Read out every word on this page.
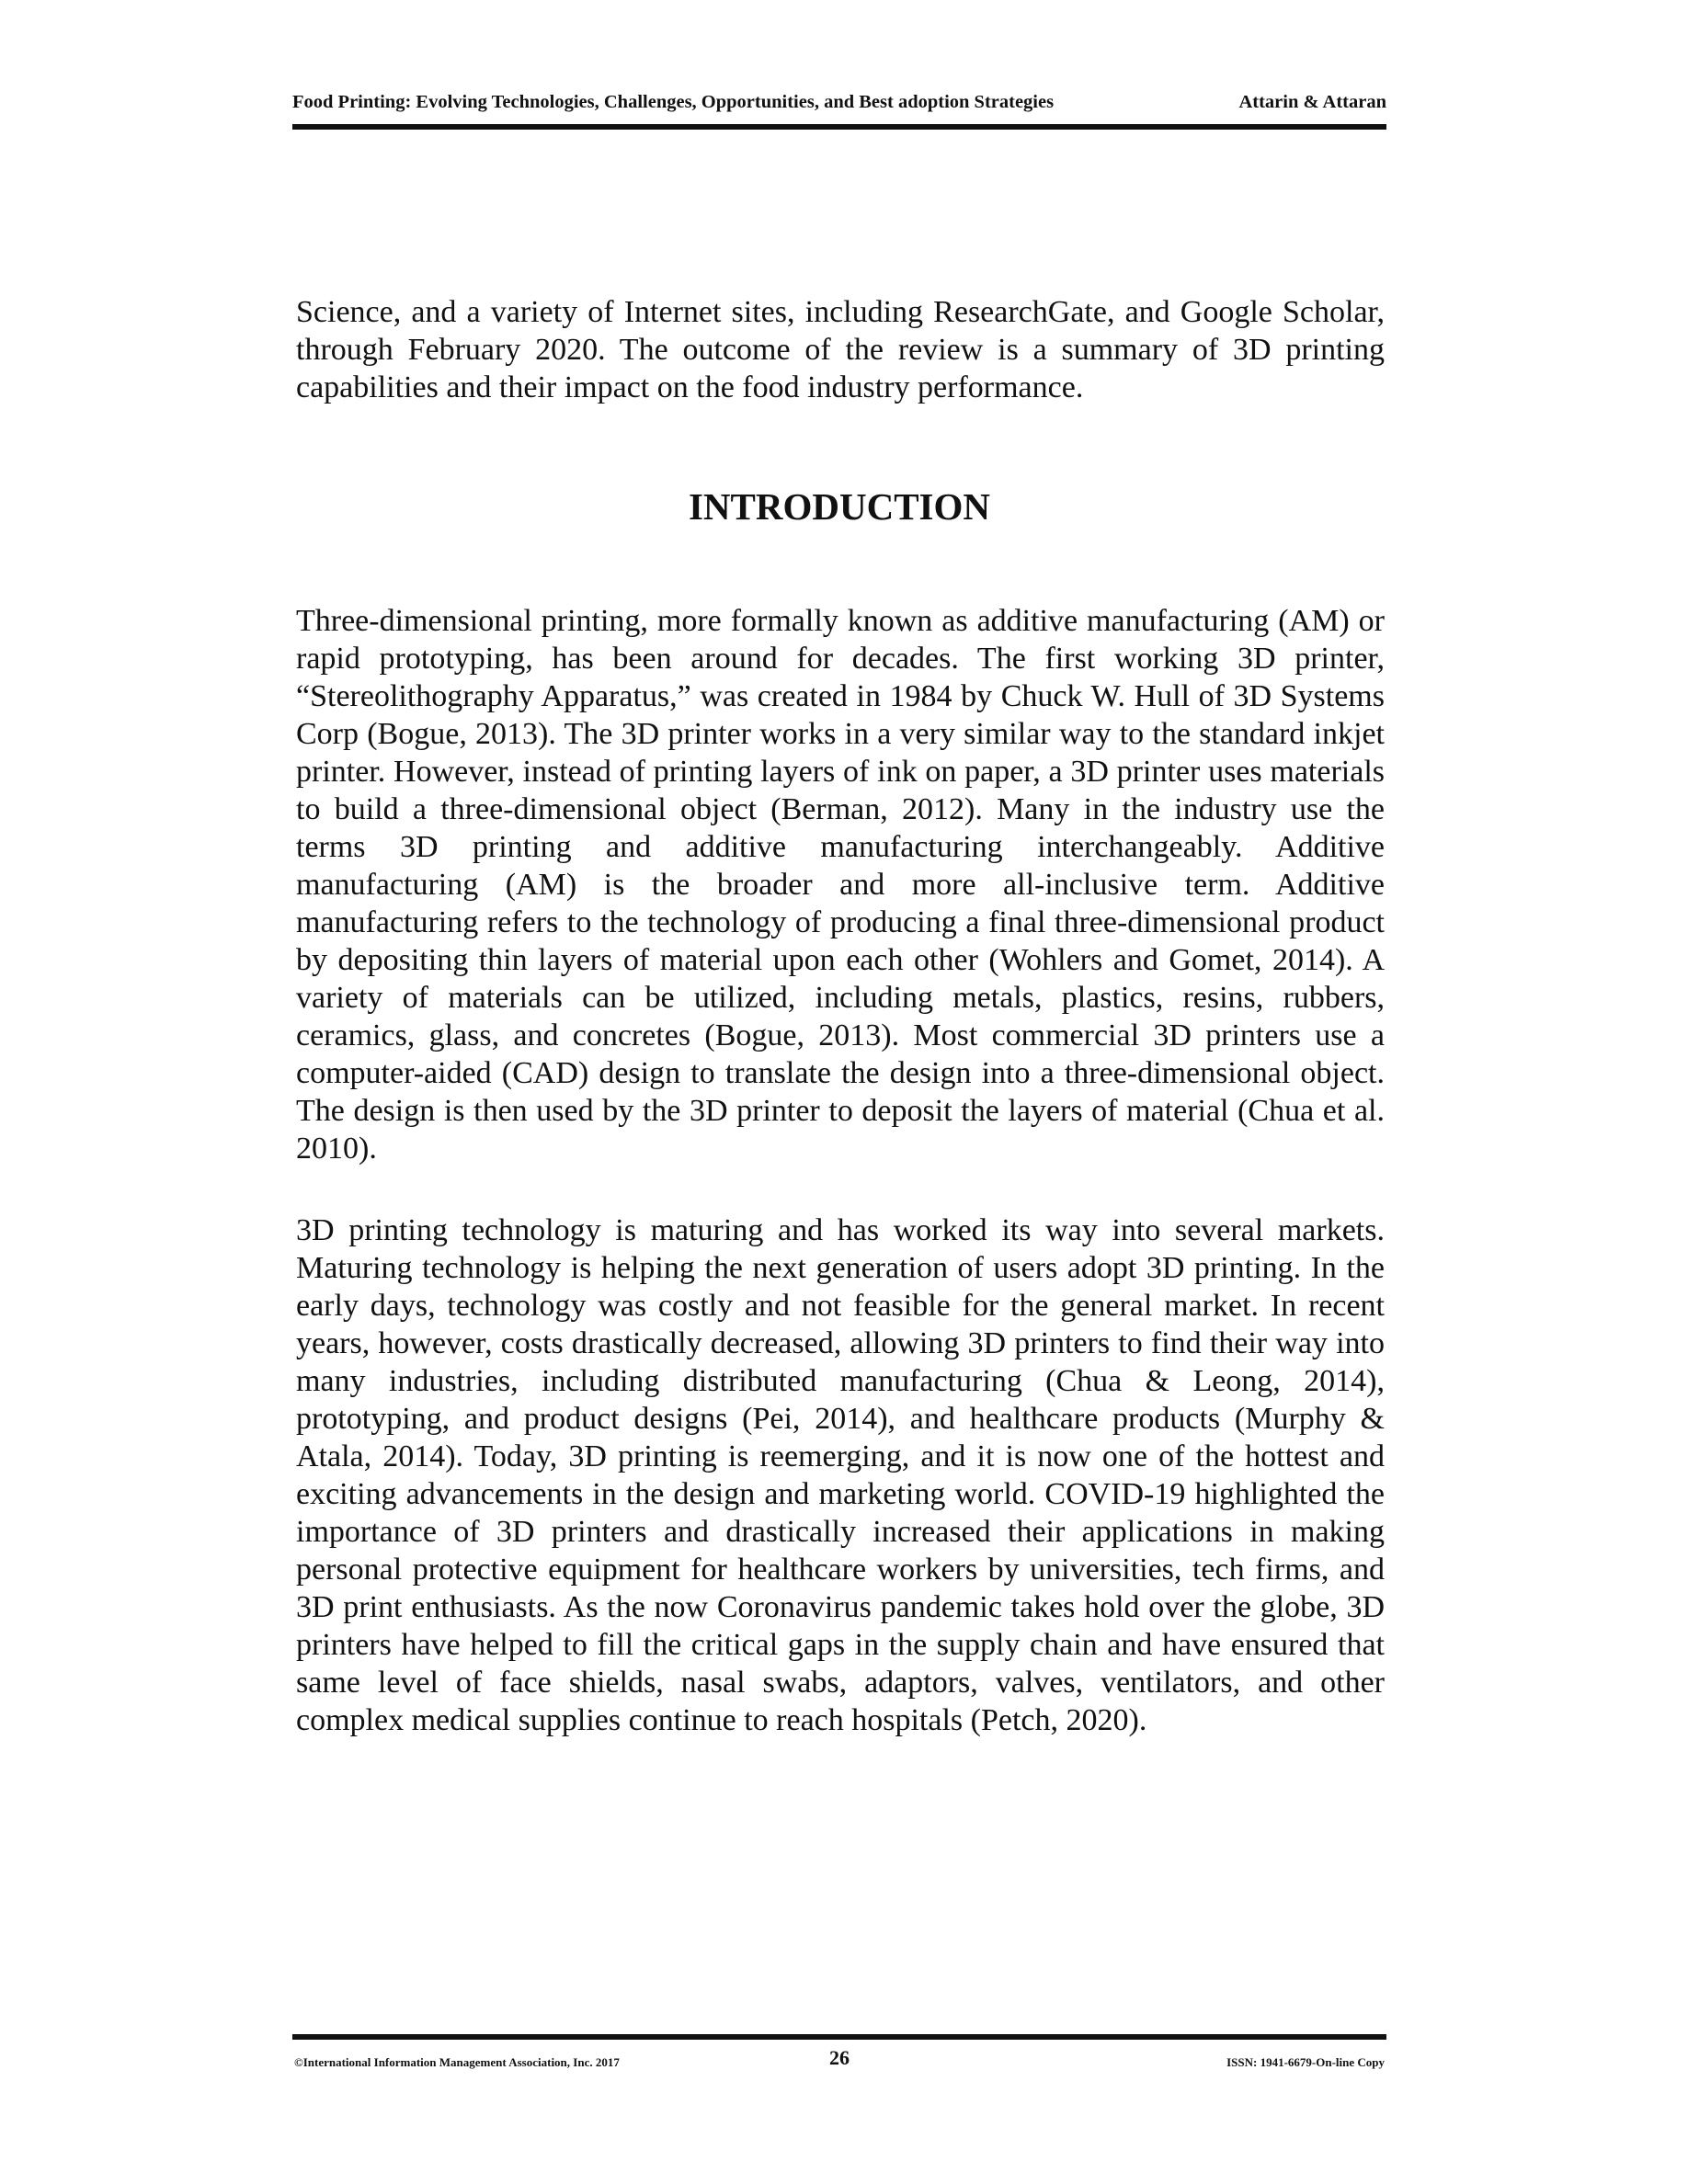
Food Printing: Evolving Technologies, Challenges, Opportunities, and Best adoption Strategies	Attarin & Attaran

Science, and a variety of Internet sites, including ResearchGate, and Google Scholar, through February 2020. The outcome of the review is a summary of 3D printing capabilities and their impact on the food industry performance.

INTRODUCTION

Three-dimensional printing, more formally known as additive manufacturing (AM) or rapid prototyping, has been around for decades. The first working 3D printer, “Stereolithography Apparatus,” was created in 1984 by Chuck W. Hull of 3D Systems Corp (Bogue, 2013). The 3D printer works in a very similar way to the standard inkjet printer. However, instead of printing layers of ink on paper, a 3D printer uses materials to build a three-dimensional object (Berman, 2012). Many in the industry use the terms 3D printing and additive manufacturing interchangeably. Additive manufacturing (AM) is the broader and more all-inclusive term. Additive manufacturing refers to the technology of producing a final three-dimensional product by depositing thin layers of material upon each other (Wohlers and Gomet, 2014). A variety of materials can be utilized, including metals, plastics, resins, rubbers, ceramics, glass, and concretes (Bogue, 2013). Most commercial 3D printers use a computer-aided (CAD) design to translate the design into a three-dimensional object. The design is then used by the 3D printer to deposit the layers of material (Chua et al. 2010).

3D printing technology is maturing and has worked its way into several markets. Maturing technology is helping the next generation of users adopt 3D printing. In the early days, technology was costly and not feasible for the general market. In recent years, however, costs drastically decreased, allowing 3D printers to find their way into many industries, including distributed manufacturing (Chua & Leong, 2014), prototyping, and product designs (Pei, 2014), and healthcare products (Murphy & Atala, 2014). Today, 3D printing is reemerging, and it is now one of the hottest and exciting advancements in the design and marketing world. COVID-19 highlighted the importance of 3D printers and drastically increased their applications in making personal protective equipment for healthcare workers by universities, tech firms, and 3D print enthusiasts. As the now Coronavirus pandemic takes hold over the globe, 3D printers have helped to fill the critical gaps in the supply chain and have ensured that same level of face shields, nasal swabs, adaptors, valves, ventilators, and other complex medical supplies continue to reach hospitals (Petch, 2020).

©International Information Management Association, Inc. 2017	26	ISSN: 1941-6679-On-line Copy
